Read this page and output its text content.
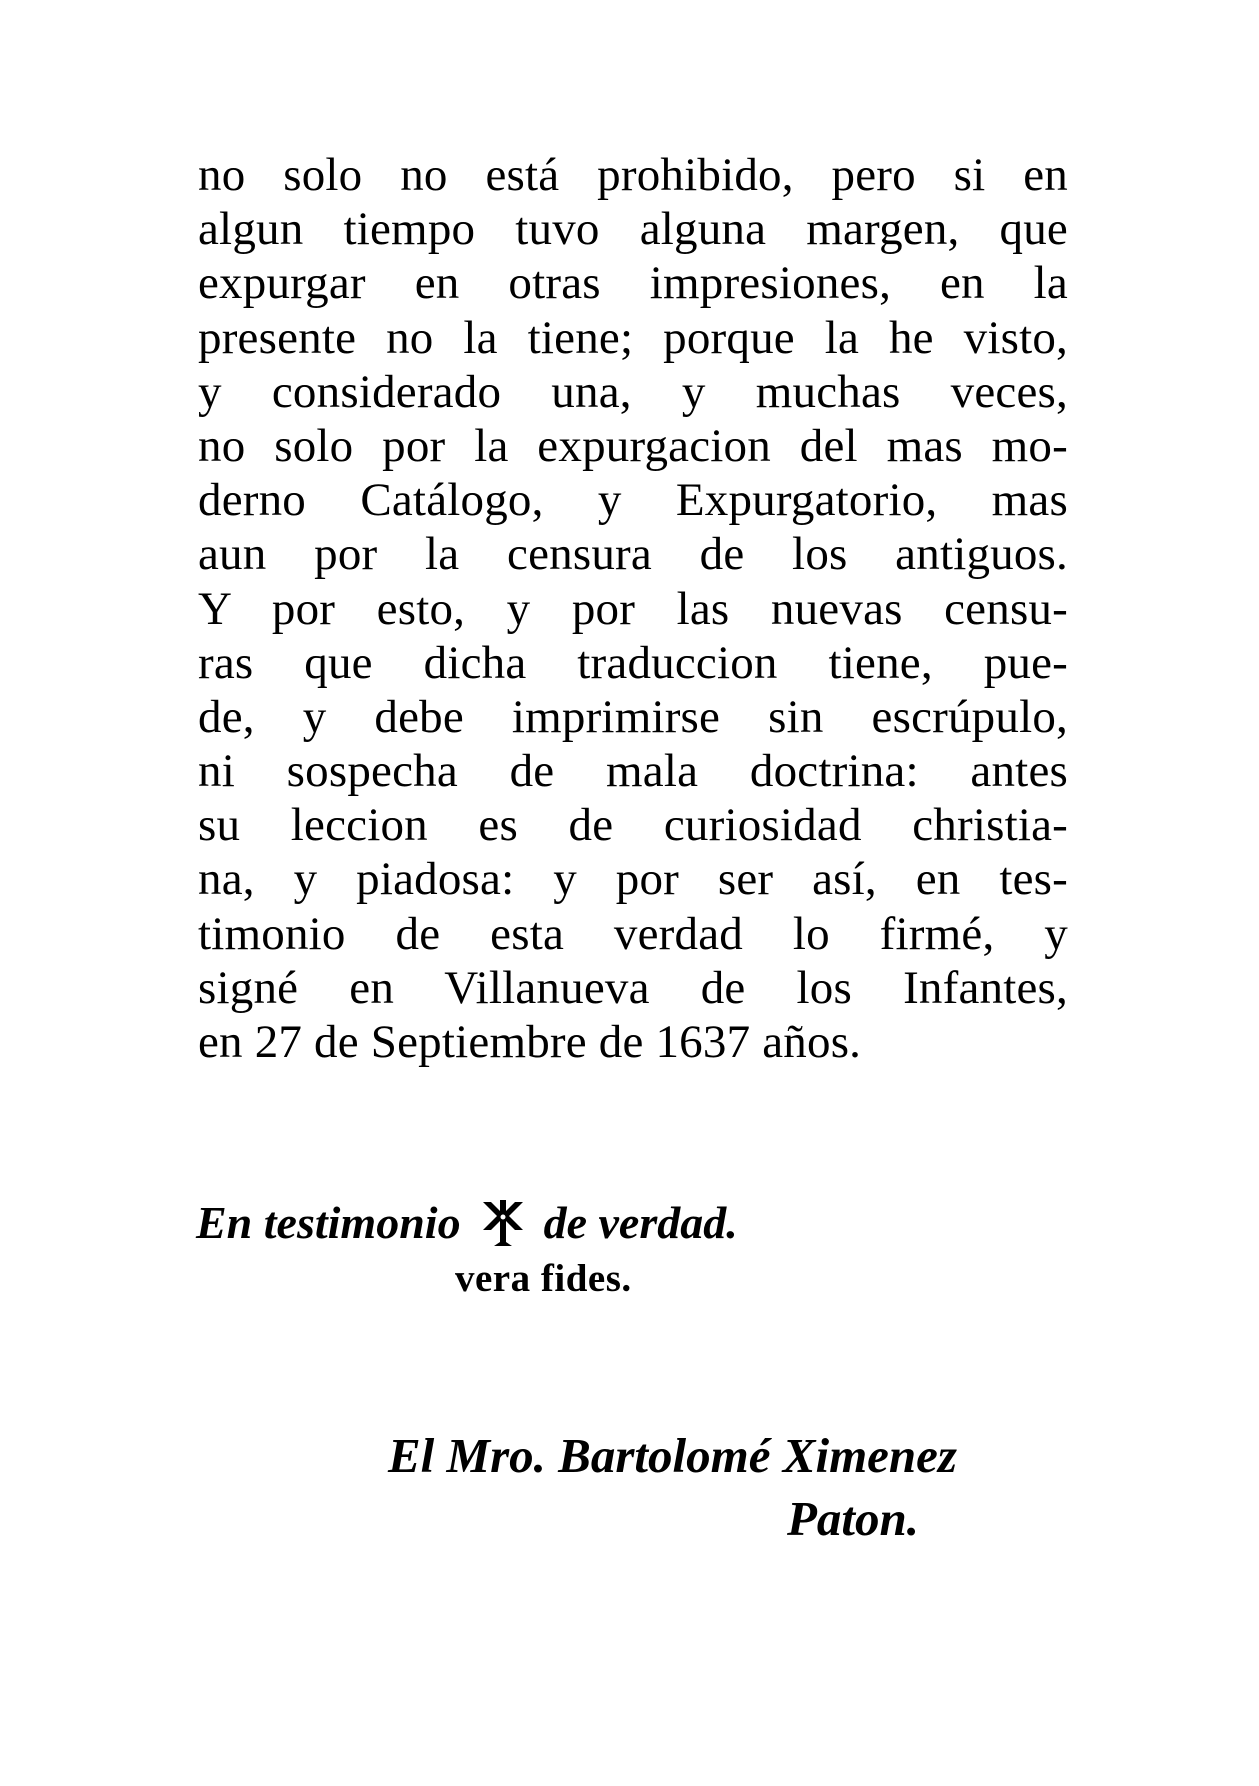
no solo no está prohibido, pero si en
algun tiempo tuvo alguna margen, que
expurgar en otras impresiones, en la
presente no la tiene; porque la he visto,
y considerado una, y muchas veces,
no solo por la expurgacion del mas mo-
derno Catálogo, y Expurgatorio, mas
aun por la censura de los antiguos.
Y por esto, y por las nuevas censu-
ras que dicha traduccion tiene, pue-
de, y debe imprimirse sin escrúpulo,
ni sospecha de mala doctrina: antes
su leccion es de curiosidad christia-
na, y piadosa: y por ser así, en tes-
timonio de esta verdad lo firmé, y
signé en Villanueva de los Infantes,
en 27 de Septiembre de 1637 años.
En testimonio de verdad.
vera fides.
El Mro. Bartolomé Ximenez
Paton.
